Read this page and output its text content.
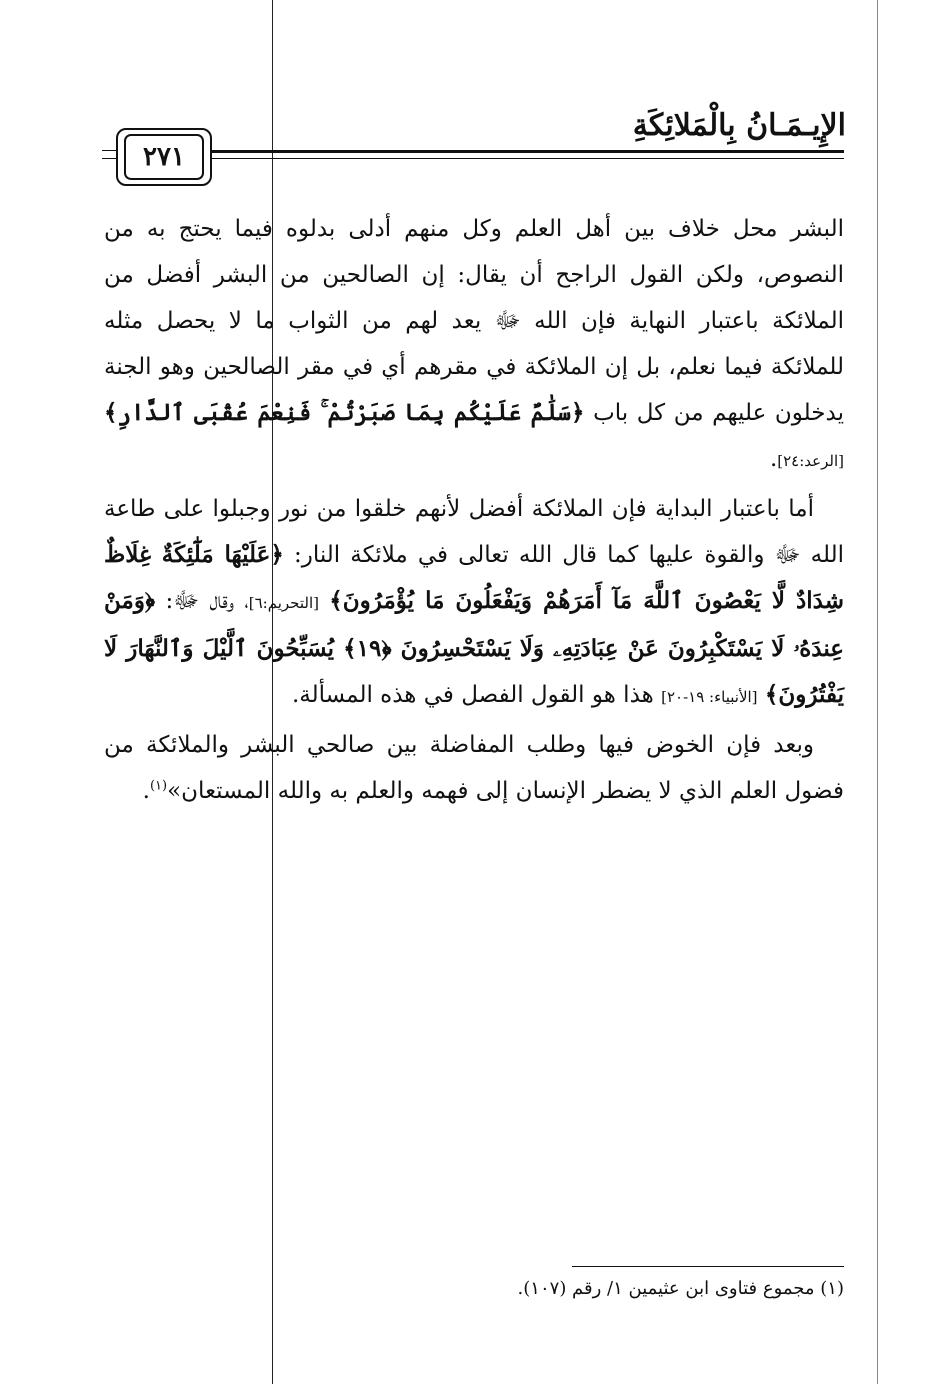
الإِيـمَـانُ بِالْمَلائِكَةِ
٢٧١

البشر محل خلاف بين أهل العلم وكل منهم أدلى بدلوه فيما يحتج به من النصوص، ولكن القول الراجح أن يقال: إن الصالحين من البشر أفضل من الملائكة باعتبار النهاية فإن الله ﷻ يعد لهم من الثواب ما لا يحصل مثله للملائكة فيما نعلم، بل إن الملائكة في مقرهم أي في مقر الصالحين وهو الجنة يدخلون عليهم من كل باب ﴿سَلَٰمٌ عَلَيْكُم بِمَا صَبَرْتُمْ ۚ فَنِعْمَ عُقْبَى ٱلدَّارِ﴾ [الرعد:٢٤].

أما باعتبار البداية فإن الملائكة أفضل لأنهم خلقوا من نور وجبلوا على طاعة الله ﷻ والقوة عليها كما قال الله تعالى في ملائكة النار: ﴿عَلَيْهَا مَلَٰٓئِكَةٌ غِلَاظٌ شِدَادٌ لَّا يَعْصُونَ ٱللَّهَ مَآ أَمَرَهُمْ وَيَفْعَلُونَ مَا يُؤْمَرُونَ﴾ [التحريم:٦]، وقال ﷻ: ﴿وَمَنْ عِندَهُۥ لَا يَسْتَكْبِرُونَ عَنْ عِبَادَتِهِۦ وَلَا يَسْتَحْسِرُونَ ﴿١٩﴾ يُسَبِّحُونَ ٱلَّيْلَ وَٱلنَّهَارَ لَا يَفْتُرُونَ﴾ [الأنبياء: ١٩-٢٠] هذا هو القول الفصل في هذه المسألة.

وبعد فإن الخوض فيها وطلب المفاضلة بين صالحي البشر والملائكة من فضول العلم الذي لا يضطر الإنسان إلى فهمه والعلم به والله المستعان»$^{(١)}$.

(١) مجموع فتاوى ابن عثيمين ١/ رقم (١٠٧).
